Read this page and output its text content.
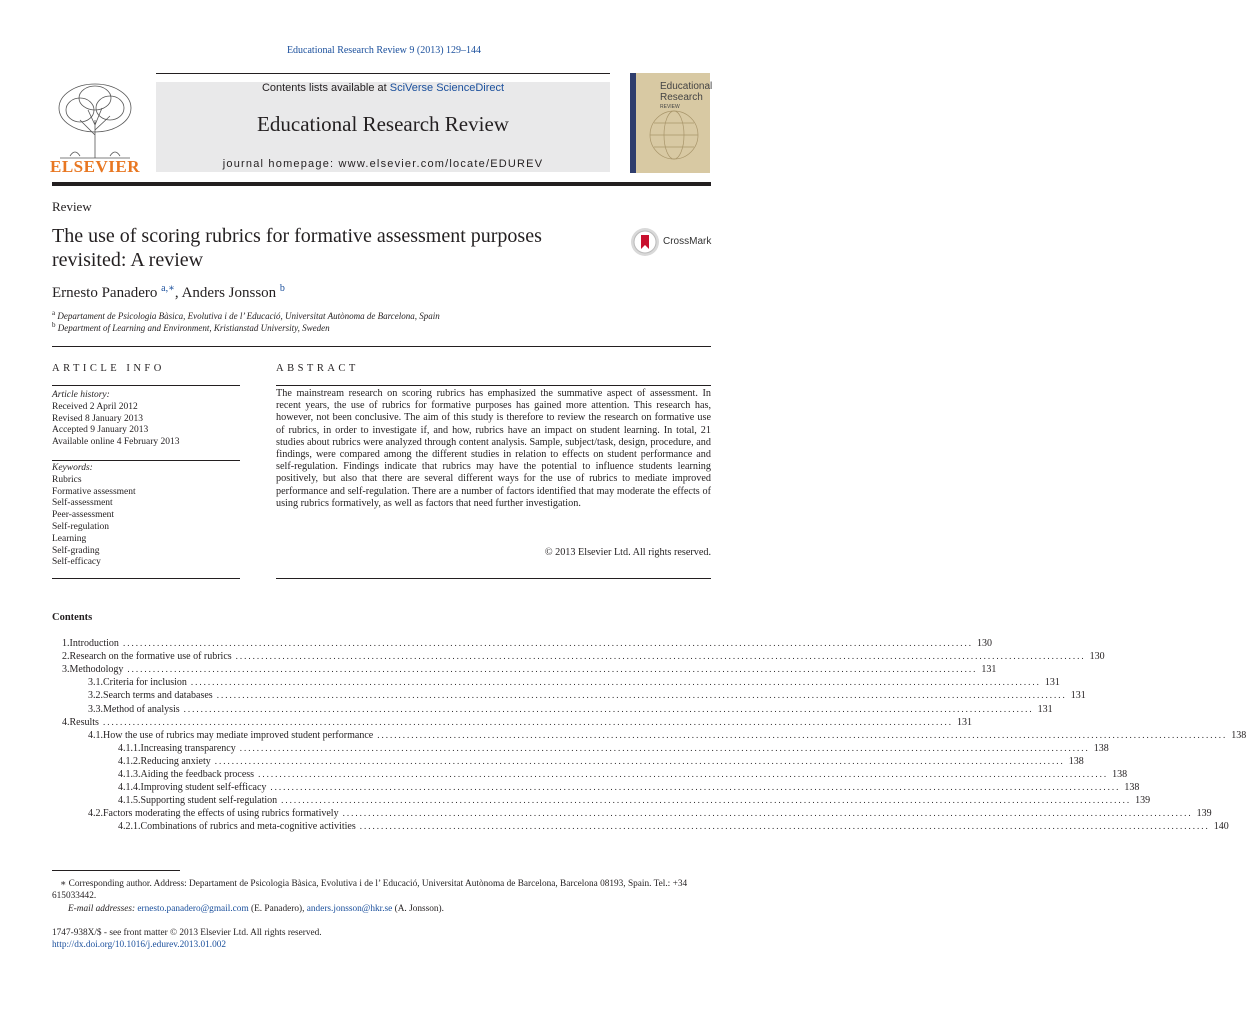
Educational Research Review 9 (2013) 129–144
ELSEVIER
Contents lists available at SciVerse ScienceDirect
Educational Research Review
journal homepage: www.elsevier.com/locate/EDUREV
Educational
Research
REVIEW
Review
The use of scoring rubrics for formative assessment purposes revisited: A review
CrossMark
Ernesto Panadero $^{a,∗}$, Anders Jonsson $^b$
$^a$ Departament de Psicologia Bàsica, Evolutiva i de l’ Educació, Universitat Autònoma de Barcelona, Spain
$^b$ Department of Learning and Environment, Kristianstad University, Sweden
ARTICLE INFO
Article history:
Received 2 April 2012
Revised 8 January 2013
Accepted 9 January 2013
Available online 4 February 2013
Keywords:
Rubrics
Formative assessment
Self-assessment
Peer-assessment
Self-regulation
Learning
Self-grading
Self-efficacy
ABSTRACT
The mainstream research on scoring rubrics has emphasized the summative aspect of assessment. In recent years, the use of rubrics for formative purposes has gained more attention. This research has, however, not been conclusive. The aim of this study is therefore to review the research on formative use of rubrics, in order to investigate if, and how, rubrics have an impact on student learning. In total, 21 studies about rubrics were analyzed through content analysis. Sample, subject/task, design, procedure, and findings, were compared among the different studies in relation to effects on student performance and self-regulation. Findings indicate that rubrics may have the potential to influence students learning positively, but also that there are several different ways for the use of rubrics to mediate improved performance and self-regulation. There are a number of factors identified that may moderate the effects of using rubrics formatively, as well as factors that need further investigation.
© 2013 Elsevier Ltd. All rights reserved.
Contents
1. Introduction ........................................................................................................................................................................................................ 130
2. Research on the formative use of rubrics ........................................................................................................................................................................................................ 130
3. Methodology ........................................................................................................................................................................................................ 131
3.1. Criteria for inclusion ........................................................................................................................................................................................................ 131
3.2. Search terms and databases ........................................................................................................................................................................................................ 131
3.3. Method of analysis ........................................................................................................................................................................................................ 131
4. Results ........................................................................................................................................................................................................ 131
4.1. How the use of rubrics may mediate improved student performance ........................................................................................................................................................................................................ 138
4.1.1. Increasing transparency ........................................................................................................................................................................................................ 138
4.1.2. Reducing anxiety ........................................................................................................................................................................................................ 138
4.1.3. Aiding the feedback process ........................................................................................................................................................................................................ 138
4.1.4. Improving student self-efficacy ........................................................................................................................................................................................................ 138
4.1.5. Supporting student self-regulation ........................................................................................................................................................................................................ 139
4.2. Factors moderating the effects of using rubrics formatively ........................................................................................................................................................................................................ 139
4.2.1. Combinations of rubrics and meta-cognitive activities ........................................................................................................................................................................................................ 140
∗ Corresponding author. Address: Departament de Psicologia Bàsica, Evolutiva i de l’ Educació, Universitat Autònoma de Barcelona, Barcelona 08193, Spain. Tel.: +34 615033442.
E-mail addresses: ernesto.panadero@gmail.com (E. Panadero), anders.jonsson@hkr.se (A. Jonsson).
1747-938X/$ - see front matter © 2013 Elsevier Ltd. All rights reserved.
http://dx.doi.org/10.1016/j.edurev.2013.01.002
